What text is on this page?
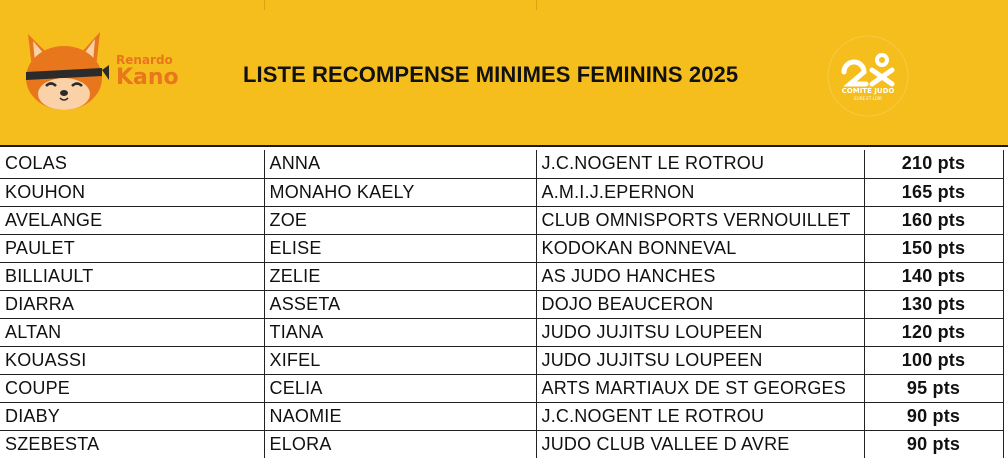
Renardo
Kano	LISTE RECOMPENSE MINIMES FEMININS 2025
COMITÉ JUDO
EURE ET LOIR
COLAS	ANNA	J.C.NOGENT LE ROTROU	210 pts
KOUHON	MONAHO KAELY	A.M.I.J.EPERNON	165 pts
AVELANGE	ZOE	CLUB OMNISPORTS VERNOUILLET	160 pts
PAULET	ELISE	KODOKAN BONNEVAL	150 pts
BILLIAULT	ZELIE	AS JUDO HANCHES	140 pts
DIARRA	ASSETA	DOJO BEAUCERON	130 pts
ALTAN	TIANA	JUDO JUJITSU LOUPEEN	120 pts
KOUASSI	XIFEL	JUDO JUJITSU LOUPEEN	100 pts
COUPE	CELIA	ARTS MARTIAUX DE ST GEORGES	95 pts
DIABY	NAOMIE	J.C.NOGENT LE ROTROU	90 pts
SZEBESTA	ELORA	JUDO CLUB VALLEE D AVRE	90 pts
